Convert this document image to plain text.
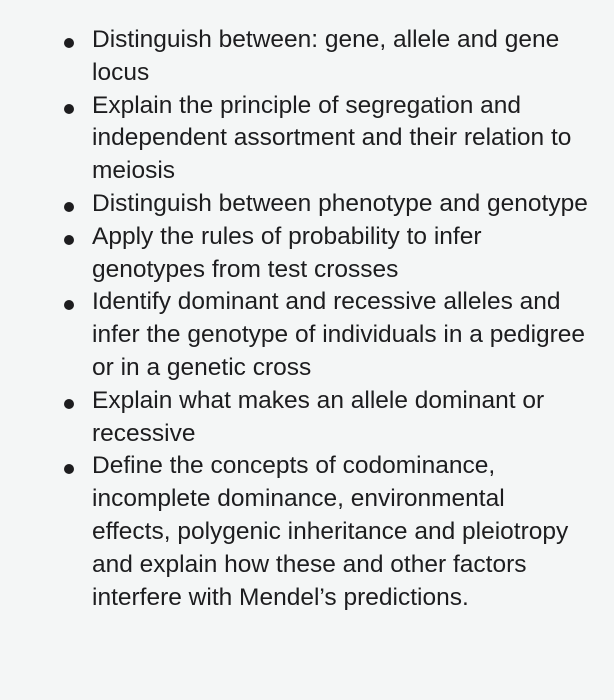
Distinguish between: gene, allele and gene locus
Explain the principle of segregation and independent assortment and their relation to meiosis
Distinguish between phenotype and genotype
Apply the rules of probability to infer genotypes from test crosses
Identify dominant and recessive alleles and infer the genotype of individuals in a pedigree or in a genetic cross
Explain what makes an allele dominant or recessive
Define the concepts of codominance, incomplete dominance, environmental effects, polygenic inheritance and pleiotropy and explain how these and other factors interfere with Mendel’s predictions.
